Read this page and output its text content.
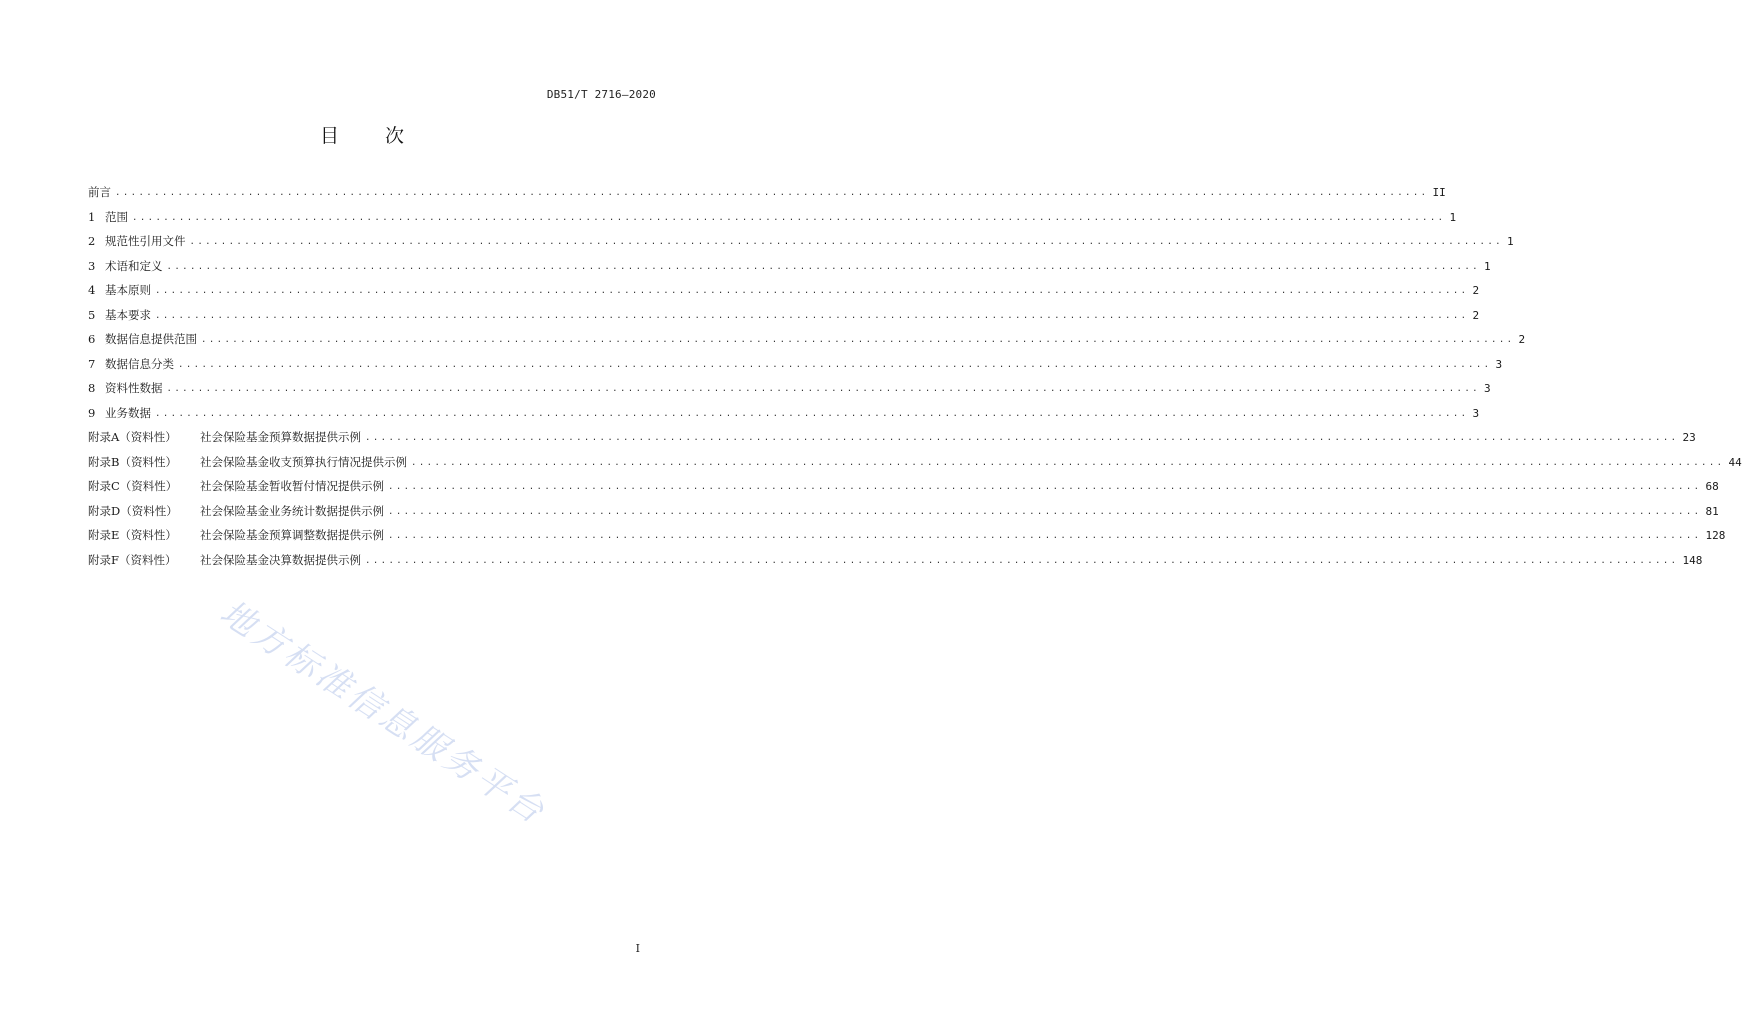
DB51/T 2716—2020
目 次
前言 ........................................................................................................................................................................ II
1 范围 ........................................................................................................................................................................ 1
2 规范性引用文件 ........................................................................................................................................................................ 1
3 术语和定义 ........................................................................................................................................................................ 1
4 基本原则 ........................................................................................................................................................................ 2
5 基本要求 ........................................................................................................................................................................ 2
6 数据信息提供范围 ........................................................................................................................................................................ 2
7 数据信息分类 ........................................................................................................................................................................ 3
8 资料性数据 ........................................................................................................................................................................ 3
9 业务数据 ........................................................................................................................................................................ 3
附录A（资料性）	社会保险基金预算数据提供示例 ........................................................................................................................................................................ 23
附录B（资料性）	社会保险基金收支预算执行情况提供示例 ........................................................................................................................................................................ 44
附录C（资料性）	社会保险基金暂收暂付情况提供示例 ........................................................................................................................................................................ 68
附录D（资料性）	社会保险基金业务统计数据提供示例 ........................................................................................................................................................................ 81
附录E（资料性）	社会保险基金预算调整数据提供示例 ........................................................................................................................................................................ 128
附录F（资料性）	社会保险基金决算数据提供示例 ........................................................................................................................................................................ 148
地方标准信息服务平台
I
